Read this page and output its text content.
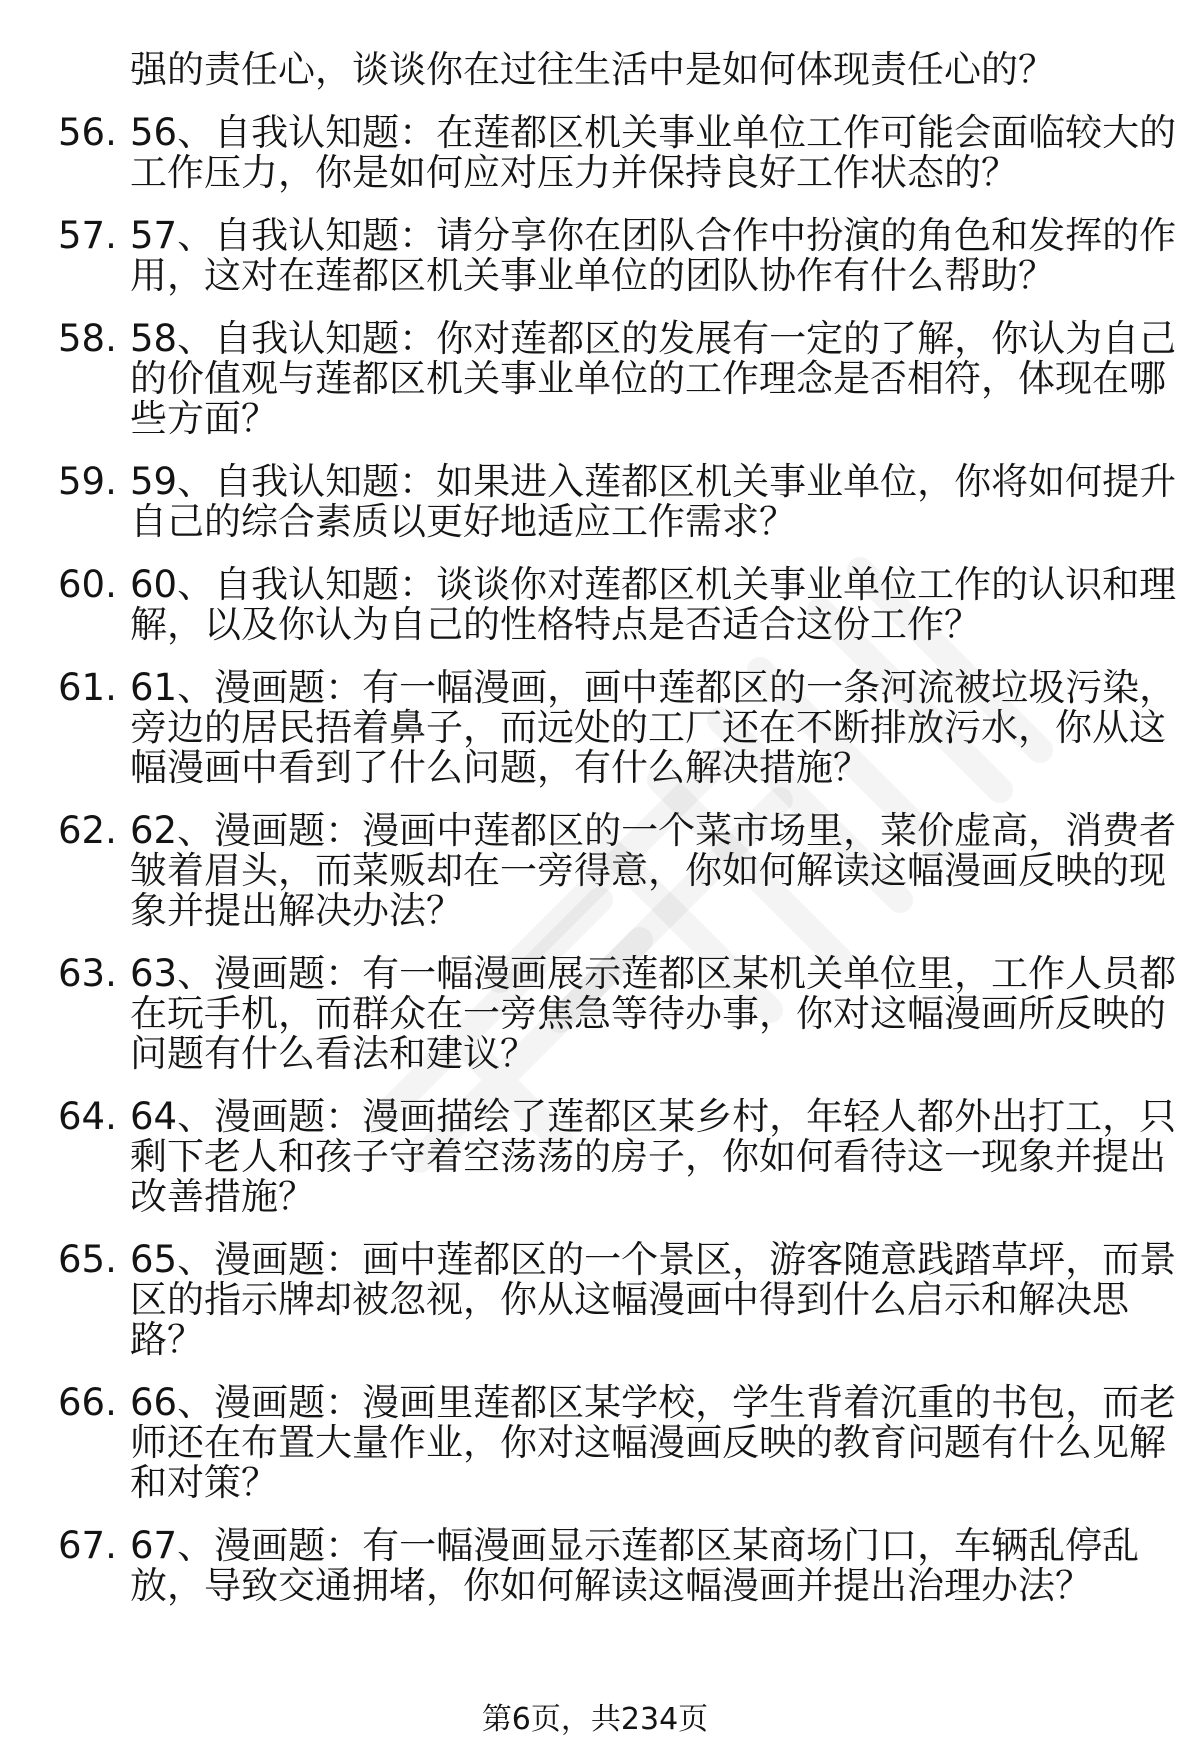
强的责任心，谈谈你在过往生活中是如何体现责任心的？
56. 56、自我认知题：在莲都区机关事业单位工作可能会面临较大的
工作压力，你是如何应对压力并保持良好工作状态的？
57. 57、自我认知题：请分享你在团队合作中扮演的角色和发挥的作
用，这对在莲都区机关事业单位的团队协作有什么帮助？
58. 58、自我认知题：你对莲都区的发展有一定的了解，你认为自己
的价值观与莲都区机关事业单位的工作理念是否相符，体现在哪
些方面？
59. 59、自我认知题：如果进入莲都区机关事业单位，你将如何提升
自己的综合素质以更好地适应工作需求？
60. 60、自我认知题：谈谈你对莲都区机关事业单位工作的认识和理
解，以及你认为自己的性格特点是否适合这份工作？
61. 61、漫画题：有一幅漫画，画中莲都区的一条河流被垃圾污染，
旁边的居民捂着鼻子，而远处的工厂还在不断排放污水，你从这
幅漫画中看到了什么问题，有什么解决措施？
62. 62、漫画题：漫画中莲都区的一个菜市场里，菜价虚高，消费者
皱着眉头，而菜贩却在一旁得意，你如何解读这幅漫画反映的现
象并提出解决办法？
63. 63、漫画题：有一幅漫画展示莲都区某机关单位里，工作人员都
在玩手机，而群众在一旁焦急等待办事，你对这幅漫画所反映的
问题有什么看法和建议？
64. 64、漫画题：漫画描绘了莲都区某乡村，年轻人都外出打工，只
剩下老人和孩子守着空荡荡的房子，你如何看待这一现象并提出
改善措施？
65. 65、漫画题：画中莲都区的一个景区，游客随意践踏草坪，而景
区的指示牌却被忽视，你从这幅漫画中得到什么启示和解决思
路？
66. 66、漫画题：漫画里莲都区某学校，学生背着沉重的书包，而老
师还在布置大量作业，你对这幅漫画反映的教育问题有什么见解
和对策？
67. 67、漫画题：有一幅漫画显示莲都区某商场门口，车辆乱停乱
放，导致交通拥堵，你如何解读这幅漫画并提出治理办法？
第6页，共234页
